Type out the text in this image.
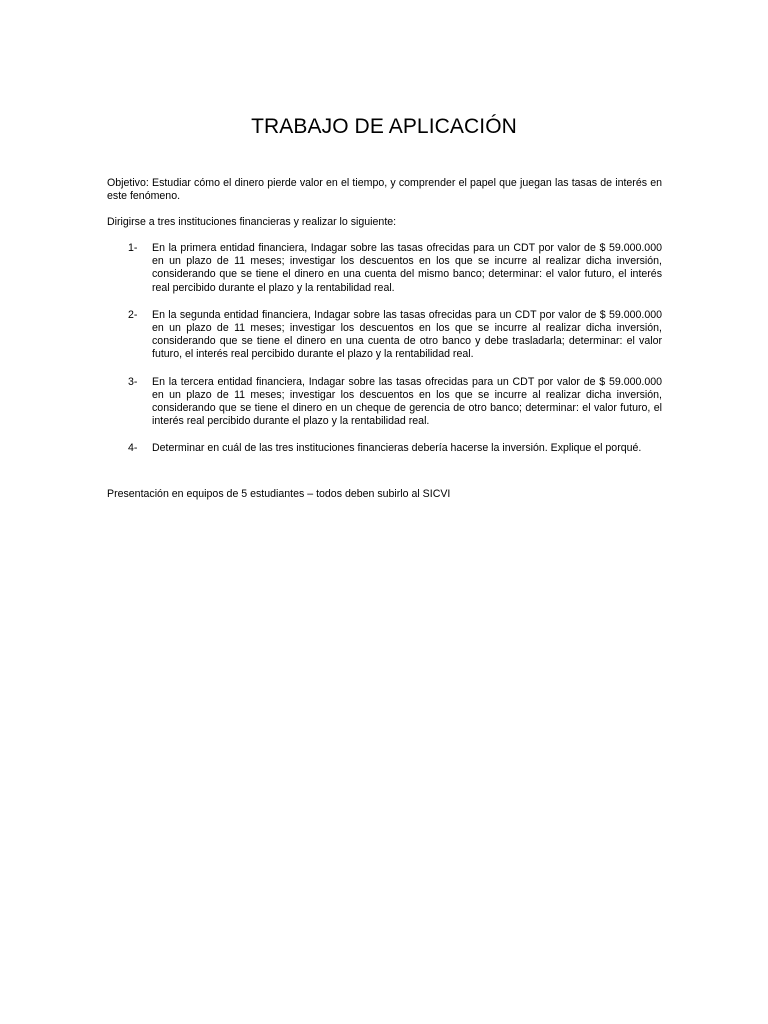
TRABAJO DE APLICACIÓN
Objetivo: Estudiar cómo el dinero pierde valor en el tiempo, y comprender el papel que juegan las tasas de interés en este fenómeno.
Dirigirse a tres instituciones financieras y realizar lo siguiente:
1-	En la primera entidad financiera, Indagar sobre las tasas ofrecidas para un CDT por valor de $ 59.000.000 en un plazo de 11 meses; investigar los descuentos en los que se incurre al realizar dicha inversión, considerando que se tiene el dinero en una cuenta del mismo banco; determinar: el valor futuro, el interés real percibido durante el plazo y la rentabilidad real.
2-	En la segunda entidad financiera, Indagar sobre las tasas ofrecidas para un CDT por valor de $ 59.000.000 en un plazo de 11 meses; investigar los descuentos en los que se incurre al realizar dicha inversión, considerando que se tiene el dinero en una cuenta de otro banco y debe trasladarla; determinar: el valor futuro, el interés real percibido durante el plazo y la rentabilidad real.
3-	En la tercera entidad financiera, Indagar sobre las tasas ofrecidas para un CDT por valor de $ 59.000.000 en un plazo de 11 meses; investigar los descuentos en los que se incurre al realizar dicha inversión, considerando que se tiene el dinero en un cheque de gerencia de otro banco; determinar: el valor futuro, el interés real percibido durante el plazo y la rentabilidad real.
4-	Determinar en cuál de las tres instituciones financieras debería hacerse la inversión. Explique el porqué.
Presentación en equipos de 5 estudiantes – todos deben subirlo al SICVI
